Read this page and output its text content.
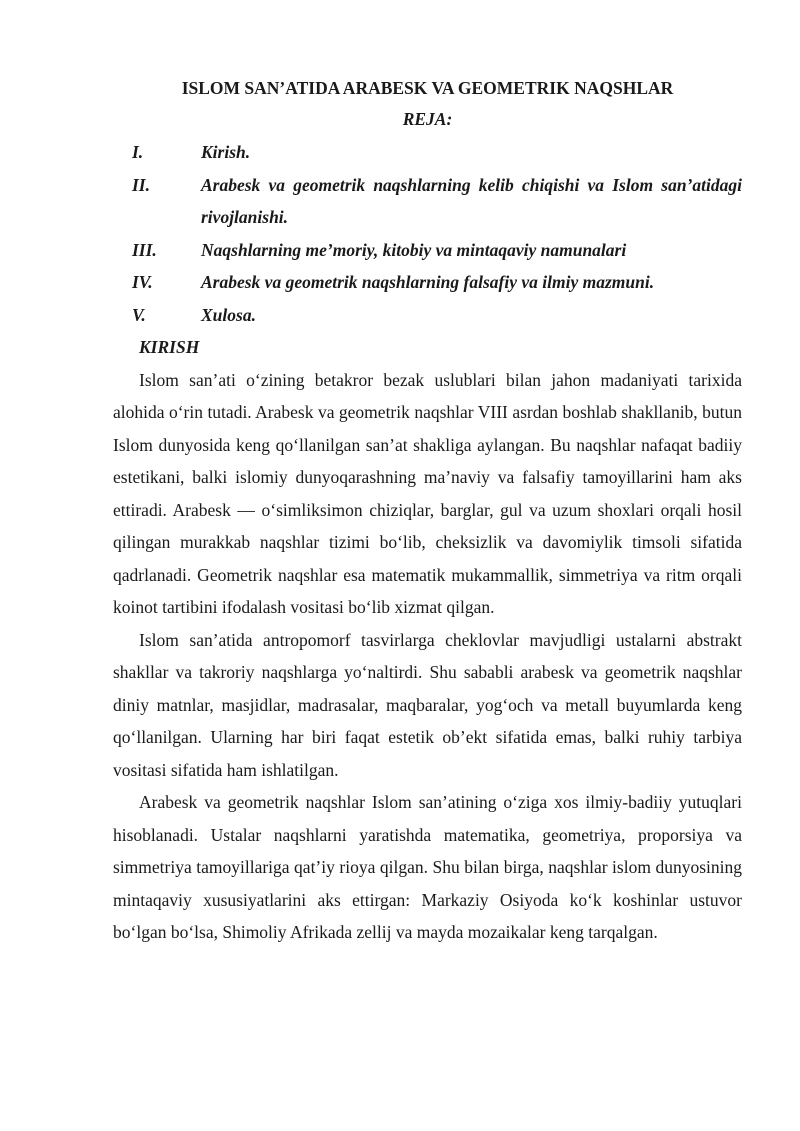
ISLOM SAN’ATIDA ARABESK VA GEOMETRIK NAQSHLAR
REJA:
I.	Kirish.
II.	Arabesk va geometrik naqshlarning kelib chiqishi va Islom san’atidagi rivojlanishi.
III.	Naqshlarning me’moriy, kitobiy va mintaqaviy namunalari
IV.	Arabesk va geometrik naqshlarning falsafiy va ilmiy mazmuni.
V.	Xulosa.
KIRISH

Islom san’ati o‘zining betakror bezak uslublari bilan jahon madaniyati tarixida alohida o‘rin tutadi. Arabesk va geometrik naqshlar VIII asrdan boshlab shakllanib, butun Islom dunyosida keng qo‘llanilgan san’at shakliga aylangan. Bu naqshlar nafaqat badiiy estetikani, balki islomiy dunyoqarashning ma’naviy va falsafiy tamoyillarini ham aks ettiradi. Arabesk — o‘simliksimon chiziqlar, barglar, gul va uzum shoxlari orqali hosil qilingan murakkab naqshlar tizimi bo‘lib, cheksizlik va davomiylik timsoli sifatida qadrlanadi. Geometrik naqshlar esa matematik mukammallik, simmetriya va ritm orqali koinot tartibini ifodalash vositasi bo‘lib xizmat qilgan.

Islom san’atida antropomorf tasvirlarga cheklovlar mavjudligi ustalarni abstrakt shakllar va takroriy naqshlarga yo‘naltirdi. Shu sababli arabesk va geometrik naqshlar diniy matnlar, masjidlar, madrasalar, maqbaralar, yog‘och va metall buyumlarda keng qo‘llanilgan. Ularning har biri faqat estetik ob’ekt sifatida emas, balki ruhiy tarbiya vositasi sifatida ham ishlatilgan.

Arabesk va geometrik naqshlar Islom san’atining o‘ziga xos ilmiy-badiiy yutuqlari hisoblanadi. Ustalar naqshlarni yaratishda matematika, geometriya, proporsiya va simmetriya tamoyillariga qat’iy rioya qilgan. Shu bilan birga, naqshlar islom dunyosining mintaqaviy xususiyatlarini aks ettirgan: Markaziy Osiyoda ko‘k koshinlar ustuvor bo‘lgan bo‘lsa, Shimoliy Afrikada zellij va mayda mozaikalar keng tarqalgan.
